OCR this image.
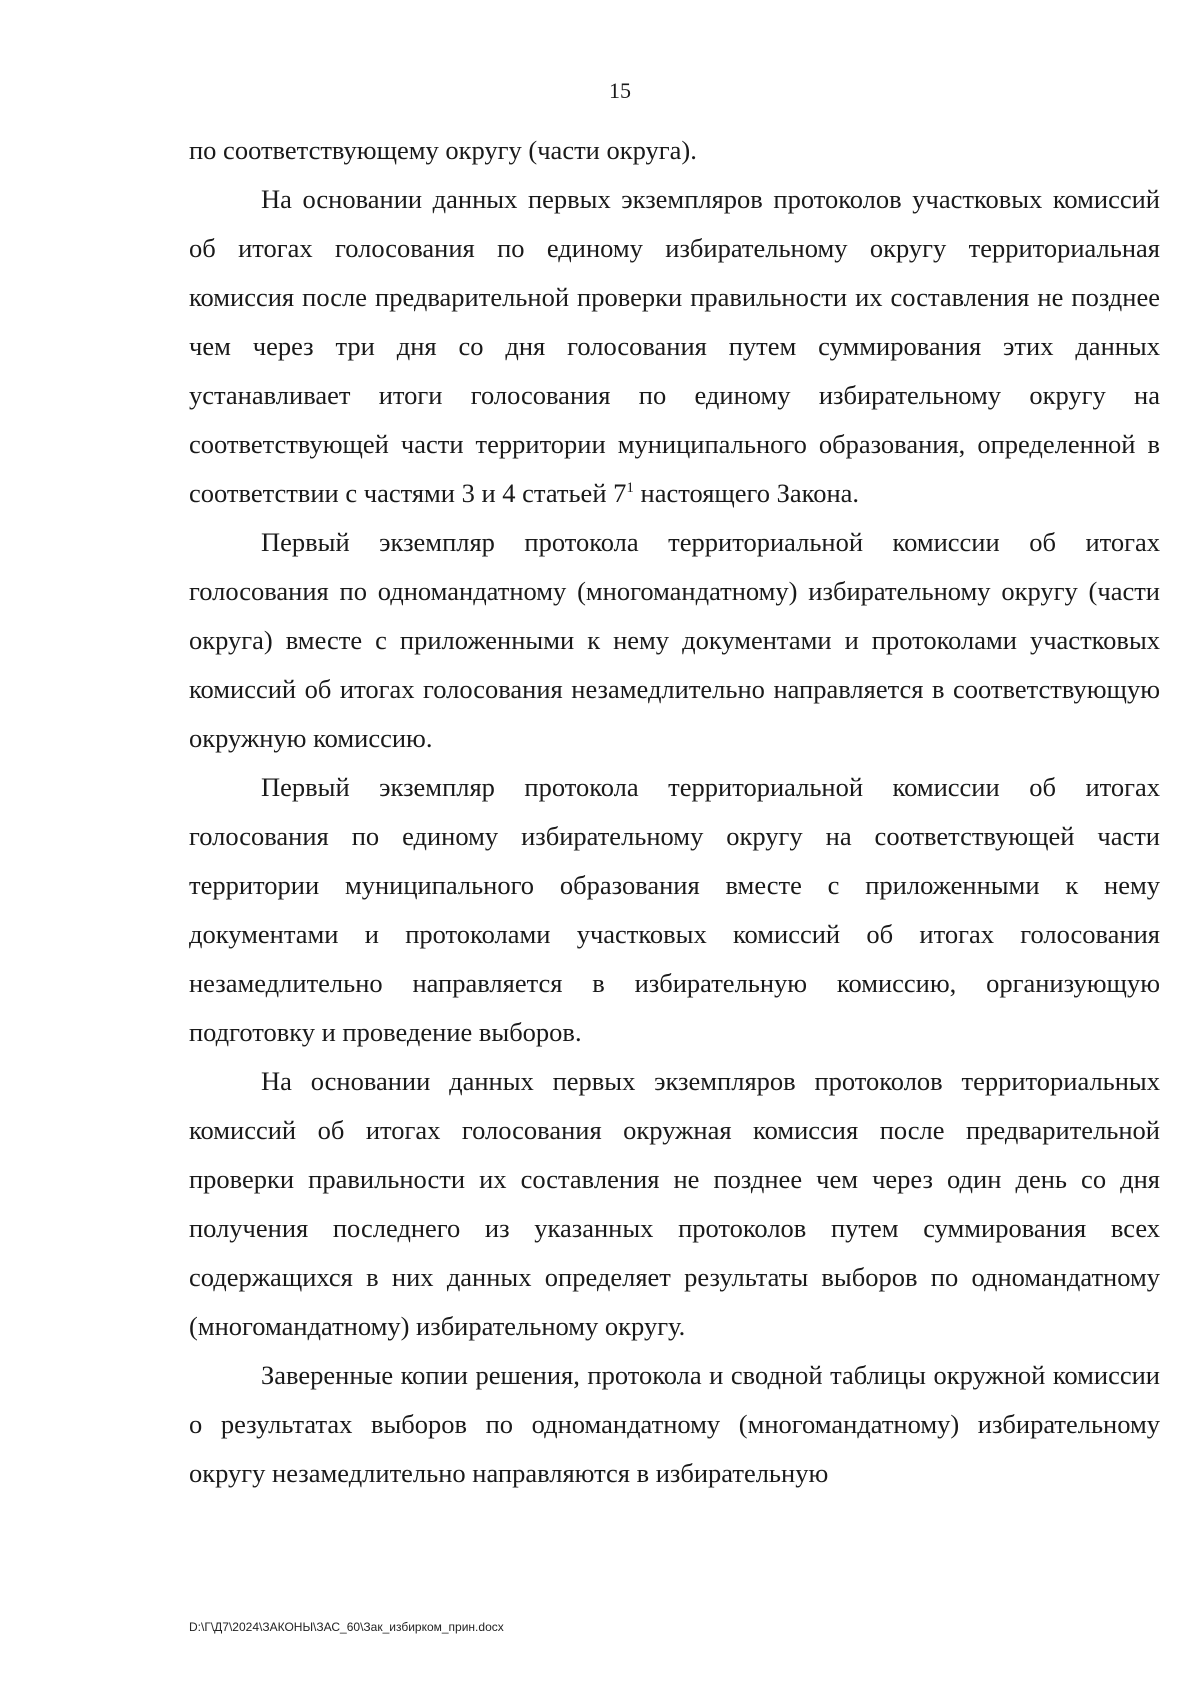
15

по соответствующему округу (части округа).

На основании данных первых экземпляров протоколов участковых комиссий об итогах голосования по единому избирательному округу территориальная комиссия после предварительной проверки правильности их составления не позднее чем через три дня со дня голосования путем суммирования этих данных устанавливает итоги голосования по единому избирательному округу на соответствующей части территории муниципального образования, определенной в соответствии с частями 3 и 4 статьей $7^1$ настоящего Закона.

Первый экземпляр протокола территориальной комиссии об итогах голосования по одномандатному (многомандатному) избирательному округу (части округа) вместе с приложенными к нему документами и протоколами участковых комиссий об итогах голосования незамедлительно направляется в соответствующую окружную комиссию.

Первый экземпляр протокола территориальной комиссии об итогах голосования по единому избирательному округу на соответствующей части территории муниципального образования вместе с приложенными к нему документами и протоколами участковых комиссий об итогах голосования незамедлительно направляется в избирательную комиссию, организующую подготовку и проведение выборов.

На основании данных первых экземпляров протоколов территориальных комиссий об итогах голосования окружная комиссия после предварительной проверки правильности их составления не позднее чем через один день со дня получения последнего из указанных протоколов путем суммирования всех содержащихся в них данных определяет результаты выборов по одномандатному (многомандатному) избирательному округу.

Заверенные копии решения, протокола и сводной таблицы окружной комиссии о результатах выборов по одномандатному (многомандатному) избирательному округу незамедлительно направляются в избирательную

D:\Г\Д7\2024\ЗАКОНЫ\ЗАС_60\Зак_избирком_прин.docx
